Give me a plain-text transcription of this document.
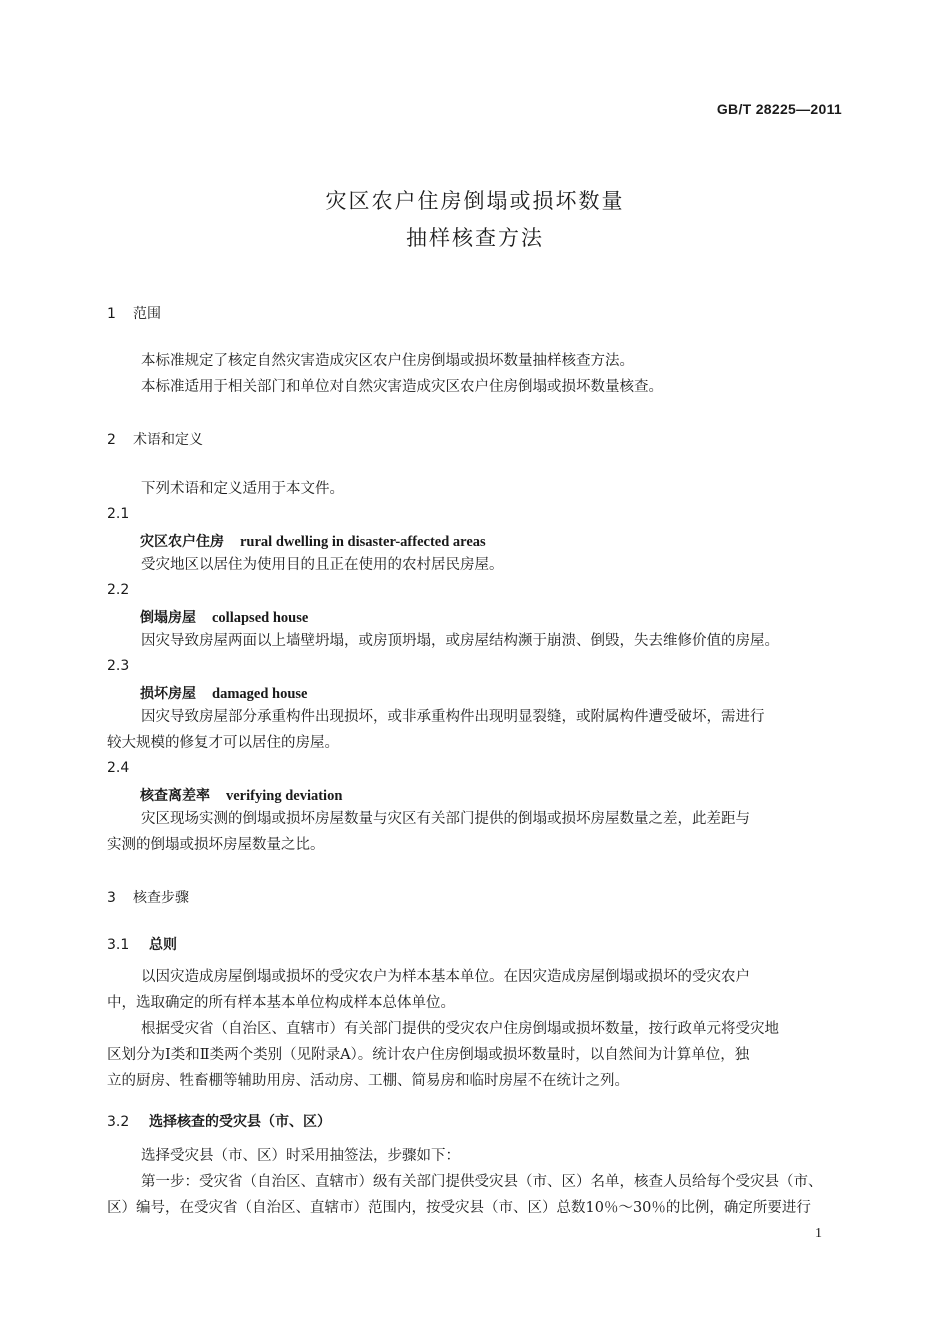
GB/T 28225—2011
灾区农户住房倒塌或损坏数量
抽样核查方法
1 范围
本标准规定了核定自然灾害造成灾区农户住房倒塌或损坏数量抽样核查方法。
本标准适用于相关部门和单位对自然灾害造成灾区农户住房倒塌或损坏数量核查。
2 术语和定义
下列术语和定义适用于本文件。
2.1
灾区农户住房 rural dwelling in disaster-affected areas
受灾地区以居住为使用目的且正在使用的农村居民房屋。
2.2
倒塌房屋 collapsed house
因灾导致房屋两面以上墙壁坍塌，或房顶坍塌，或房屋结构濒于崩溃、倒毁，失去维修价值的房屋。
2.3
损坏房屋 damaged house
因灾导致房屋部分承重构件出现损坏，或非承重构件出现明显裂缝，或附属构件遭受破坏，需进行
较大规模的修复才可以居住的房屋。
2.4
核查离差率 verifying deviation
灾区现场实测的倒塌或损坏房屋数量与灾区有关部门提供的倒塌或损坏房屋数量之差，此差距与
实测的倒塌或损坏房屋数量之比。
3 核查步骤
3.1 总则
以因灾造成房屋倒塌或损坏的受灾农户为样本基本单位。在因灾造成房屋倒塌或损坏的受灾农户
中，选取确定的所有样本基本单位构成样本总体单位。
根据受灾省（自治区、直辖市）有关部门提供的受灾农户住房倒塌或损坏数量，按行政单元将受灾地
区划分为Ⅰ类和Ⅱ类两个类别（见附录A）。统计农户住房倒塌或损坏数量时，以自然间为计算单位，独
立的厨房、牲畜棚等辅助用房、活动房、工棚、简易房和临时房屋不在统计之列。
3.2 选择核查的受灾县（市、区）
选择受灾县（市、区）时采用抽签法，步骤如下：
第一步：受灾省（自治区、直辖市）级有关部门提供受灾县（市、区）名单，核查人员给每个受灾县（市、
区）编号，在受灾省（自治区、直辖市）范围内，按受灾县（市、区）总数10％～30％的比例，确定所要进行
1
